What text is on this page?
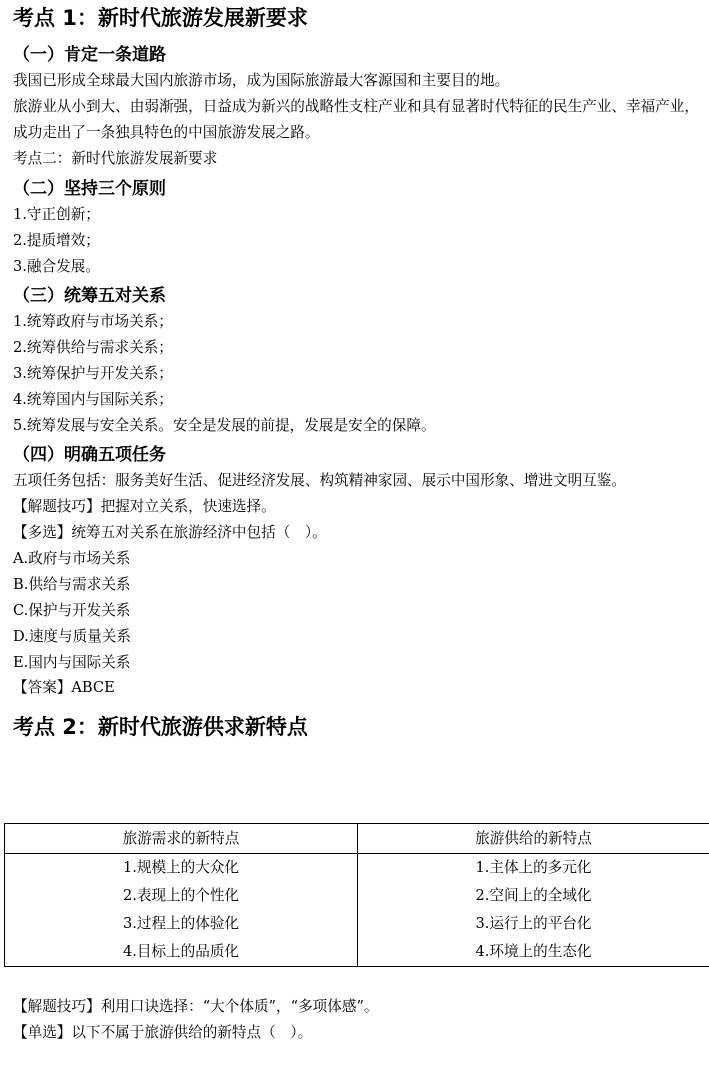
考点 1：新时代旅游发展新要求
（一）肯定一条道路

我国已形成全球最大国内旅游市场，成为国际旅游最大客源国和主要目的地。

旅游业从小到大、由弱渐强，日益成为新兴的战略性支柱产业和具有显著时代特征的民生产业、幸福产业，成功走出了一条独具特色的中国旅游发展之路。

考点二：新时代旅游发展新要求

（二）坚持三个原则
1.守正创新；
2.提质增效；
3.融合发展。
（三）统筹五对关系
1.统筹政府与市场关系；
2.统筹供给与需求关系；
3.统筹保护与开发关系；
4.统筹国内与国际关系；
5.统筹发展与安全关系。安全是发展的前提，发展是安全的保障。
（四）明确五项任务

五项任务包括：服务美好生活、促进经济发展、构筑精神家园、展示中国形象、增进文明互鉴。

【解题技巧】把握对立关系，快速选择。

【多选】统筹五对关系在旅游经济中包括（　）。

A.政府与市场关系
B.供给与需求关系
C.保护与开发关系
D.速度与质量关系
E.国内与国际关系

【答案】ABCE

考点 2：新时代旅游供求新特点
旅游需求的新特点	旅游供给的新特点
1.规模上的大众化	1.主体上的多元化
2.表现上的个性化	2.空间上的全域化
3.过程上的体验化	3.运行上的平台化
4.目标上的品质化	4.环境上的生态化

【解题技巧】利用口诀选择：“大个体质”，“多项体感”。

【单选】以下不属于旅游供给的新特点（　）。
